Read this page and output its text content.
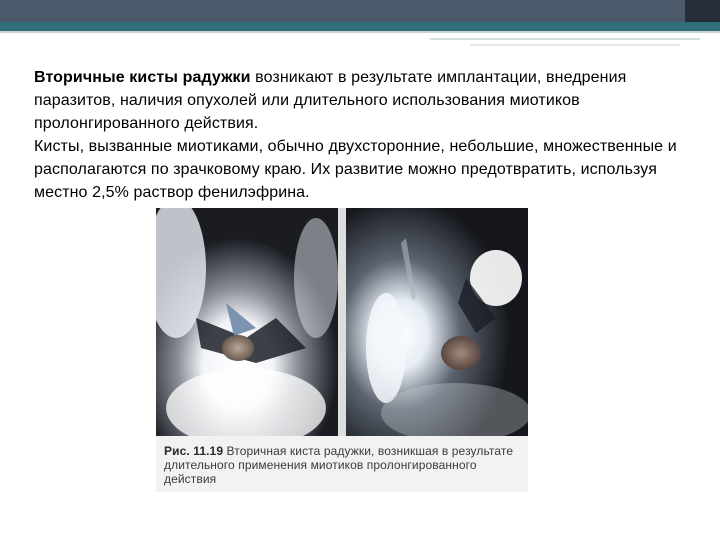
Вторичные кисты радужки возникают в результате имплантации, внедрения паразитов, наличия опухолей или длительного использования миотиков пролонгированного действия.

Кисты, вызванные миотиками, обычно двухсторонние, небольшие, множественные и располагаются по зрачковому краю. Их развитие можно предотвратить, используя местно 2,5% раствор фенилэфрина.

Рис. 11.19 Вторичная киста радужки, возникшая в результате длительного применения миотиков пролонгированного действия
